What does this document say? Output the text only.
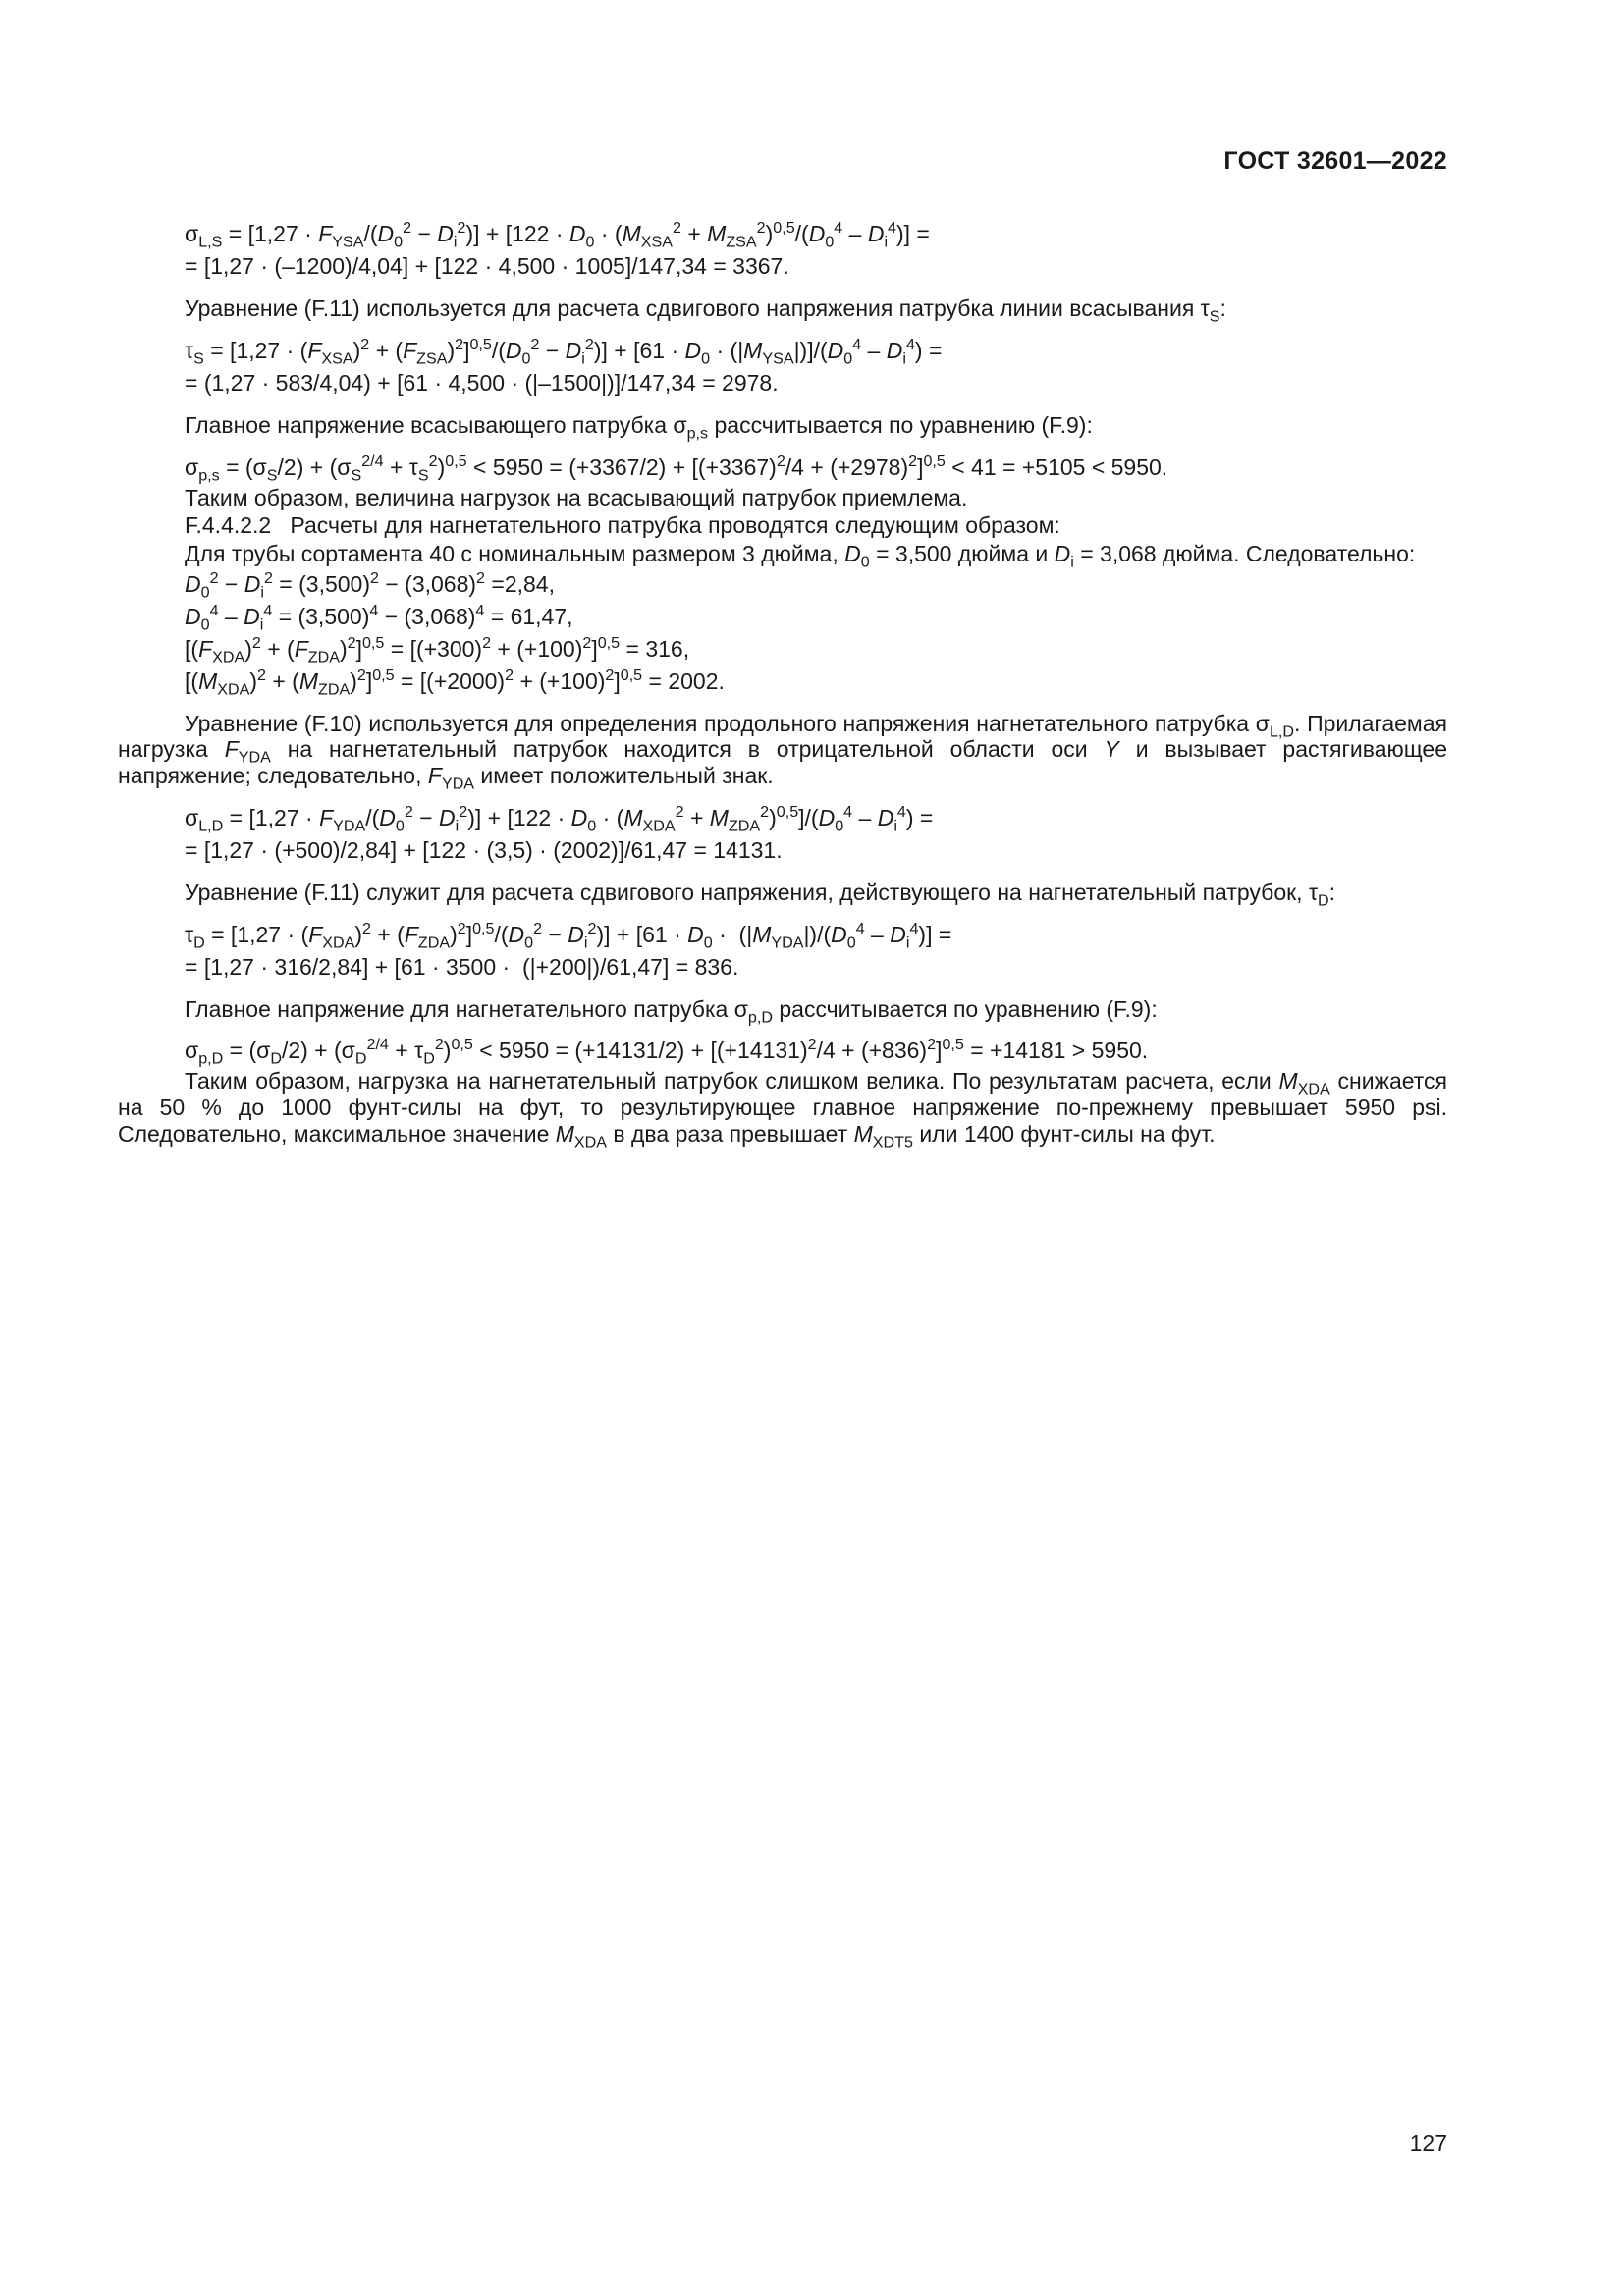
ГОСТ 32601—2022
$\sigma_{L,S} = [1,27 \cdot F_{YSA}/(D_0^2 - D_i^2)] + [122 \cdot D_0 \cdot (M_{XSA}^2 + M_{ZSA}^2)^{0,5}/(D_0^4 - D_i^4)]$ =
= [1,27 · (–1200)/4,04] + [122 · 4,500 · 1005]/147,34 = 3367.
Уравнение (F.11) используется для расчета сдвигового напряжения патрубка линии всасывания $\tau_S$:
$\tau_S = [1,27 \cdot (F_{XSA})^2 + (F_{ZSA})^2]^{0,5}/(D_0^2 - D_i^2)] + [61 \cdot D_0 \cdot (|M_{YSA}|)]/(D_0^4 - D_i^4)$ =
= (1,27 · 583/4,04) + [61 · 4,500 · (|–1500|)]/147,34 = 2978.
Главное напряжение всасывающего патрубка $\sigma_{p,s}$ рассчитывается по уравнению (F.9):
$\sigma_{p,s} = (\sigma_S/2) + (\sigma_S^{2/4} + \tau_S^2)^{0,5} < 5950 = (+3367/2) + [(+3367)^2/4 + (+2978)^2]^{0,5} < 41 = +5105 < 5950$.
Таким образом, величина нагрузок на всасывающий патрубок приемлема.
F.4.4.2.2   Расчеты для нагнетательного патрубка проводятся следующим образом:
Для трубы сортамента 40 с номинальным размером 3 дюйма, $D_0 = 3,500$ дюйма и $D_i = 3,068$ дюйма. Следовательно:
$D_0^2 - D_i^2 = (3,500)^2 - (3,068)^2 =2,84$,
$D_0^4 - D_i^4 = (3,500)^4 - (3,068)^4 = 61,47$,
$[(F_{XDA})^2 + (F_{ZDA})^2]^{0,5} = [(+300)^2 + (+100)^2]^{0,5} = 316$,
$[(M_{XDA})^2 + (M_{ZDA})^2]^{0,5} = [(+2000)^2 + (+100)^2]^{0,5} = 2002$.
Уравнение (F.10) используется для определения продольного напряжения нагнетательного патрубка $\sigma_{L,D}$. Прилагаемая нагрузка $F_{YDA}$ на нагнетательный патрубок находится в отрицательной области оси Y и вызывает растягивающее напряжение; следовательно, $F_{YDA}$ имеет положительный знак.
$\sigma_{L,D} = [1,27 \cdot F_{YDA}/(D_0^2 - D_i^2)] + [122 \cdot D_0 \cdot (M_{XDA}^2 + M_{ZDA}^2)^{0,5}]/(D_0^4 - D_i^4)$ =
= [1,27 · (+500)/2,84] + [122 · (3,5) · (2002)]/61,47 = 14131.
Уравнение (F.11) служит для расчета сдвигового напряжения, действующего на нагнетательный патрубок, $\tau_D$:
$\tau_D = [1,27 \cdot (F_{XDA})^2 + (F_{ZDA})^2]^{0,5}/(D_0^2 - D_i^2)] + [61 \cdot D_0 \cdot (|M_{YDA}|)/(D_0^4 - D_i^4)]$ =
= [1,27 · 316/2,84] + [61 · 3500 ·  (|+200|)/61,47] = 836.
Главное напряжение для нагнетательного патрубка $\sigma_{p,D}$ рассчитывается по уравнению (F.9):
$\sigma_{p,D} = (\sigma_D/2) + (\sigma_D^{2/4} + \tau_D^2)^{0,5} < 5950 = (+14131/2) + [(+14131)^2/4 + (+836)^2]^{0,5} = +14181 > 5950$.
Таким образом, нагрузка на нагнетательный патрубок слишком велика. По результатам расчета, если $M_{XDA}$ снижается на 50 % до 1000 фунт-силы на фут, то результирующее главное напряжение по-прежнему превышает 5950 psi. Следовательно, максимальное значение $M_{XDA}$ в два раза превышает $M_{XDT5}$ или 1400 фунт-силы на фут.
127
